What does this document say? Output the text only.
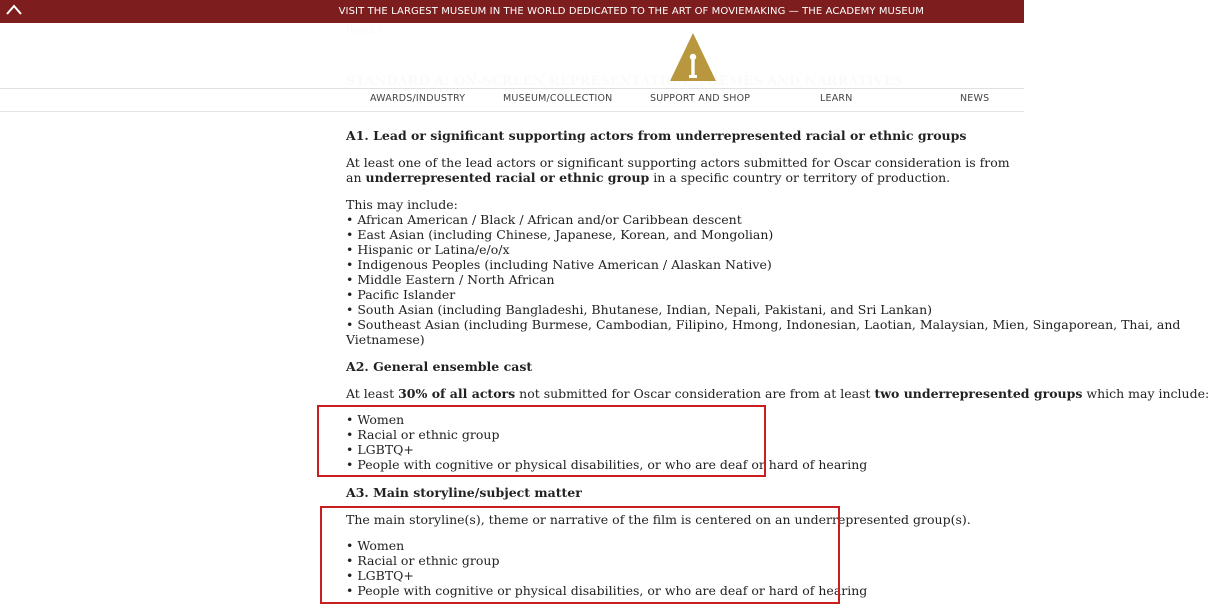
VISIT THE LARGEST MUSEUM IN THE WORLD DEDICATED TO THE ART OF MOVIEMAKING — THE ACADEMY MUSEUM
AWARDS/INDUSTRY	MUSEUM/COLLECTION	SUPPORT AND SHOP	LEARN	NEWS
A1. Lead or significant supporting actors from underrepresented racial or ethnic groups
At least one of the lead actors or significant supporting actors submitted for Oscar consideration is from an underrepresented racial or ethnic group in a specific country or territory of production.
This may include:
• African American / Black / African and/or Caribbean descent
• East Asian (including Chinese, Japanese, Korean, and Mongolian)
• Hispanic or Latina/e/o/x
• Indigenous Peoples (including Native American / Alaskan Native)
• Middle Eastern / North African
• Pacific Islander
• South Asian (including Bangladeshi, Bhutanese, Indian, Nepali, Pakistani, and Sri Lankan)
• Southeast Asian (including Burmese, Cambodian, Filipino, Hmong, Indonesian, Laotian, Malaysian, Mien, Singaporean, Thai, and
Vietnamese)
A2. General ensemble cast
At least 30% of all actors not submitted for Oscar consideration are from at least two underrepresented groups which may include:
• Women
• Racial or ethnic group
• LGBTQ+
• People with cognitive or physical disabilities, or who are deaf or hard of hearing
A3. Main storyline/subject matter
The main storyline(s), theme or narrative of the film is centered on an underrepresented group(s).
• Women
• Racial or ethnic group
• LGBTQ+
• People with cognitive or physical disabilities, or who are deaf or hard of hearing
